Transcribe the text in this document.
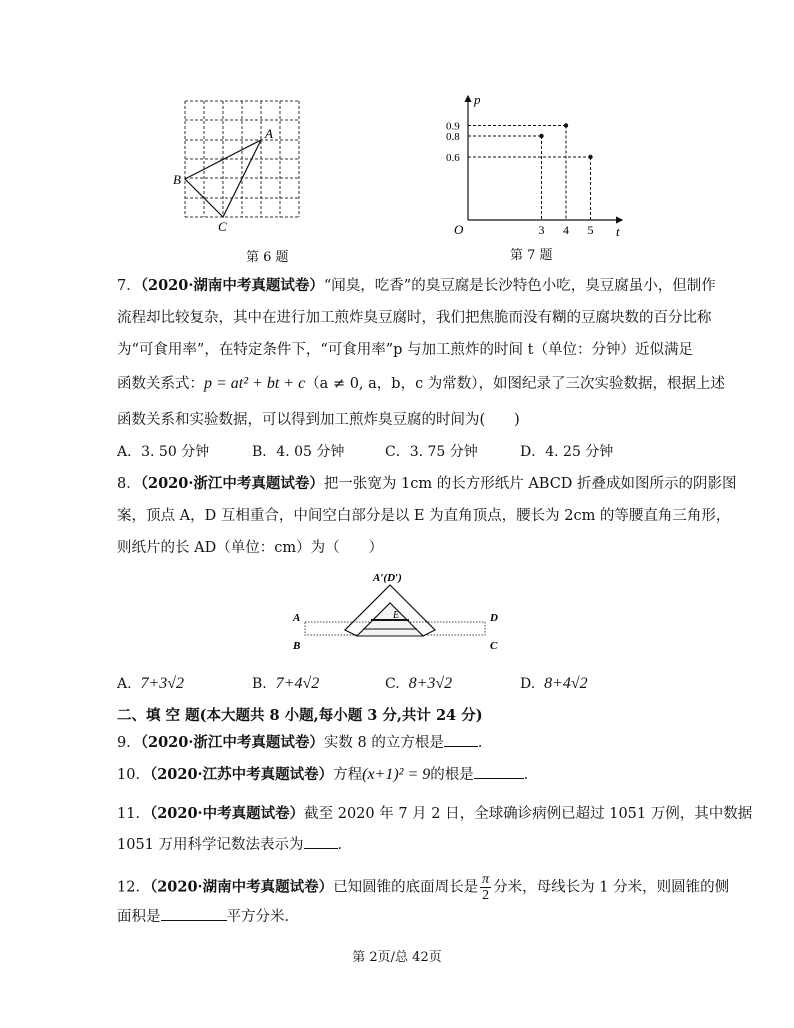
A
B
C
第 6 题
p
t
O	3 4 5
0.9
0.8
0.6
第 7 题
7．（2020·湖南中考真题试卷）“闻臭，吃香”的臭豆腐是长沙特色小吃，臭豆腐虽小，但制作
流程却比较复杂，其中在进行加工煎炸臭豆腐时，我们把焦脆而没有糊的豆腐块数的百分比称
为“可食用率”，在特定条件下，“可食用率”p 与加工煎炸的时间 t（单位：分钟）近似满足
函数关系式：p = at² + bt + c（a ≠ 0, a，b，c 为常数），如图纪录了三次实验数据，根据上述
函数关系和实验数据，可以得到加工煎炸臭豆腐的时间为(　　)
A．3. 50 分钟	B．4. 05 分钟	C．3. 75 分钟	D．4. 25 分钟
8．（2020·浙江中考真题试卷）把一张宽为 1cm 的长方形纸片 ABCD 折叠成如图所示的阴影图
案，顶点 A，D 互相重合，中间空白部分是以 E 为直角顶点，腰长为 2cm 的等腰直角三角形，
则纸片的长 AD（单位：cm）为（　　）
A′(D′)
E
A
B	C
D
A. 7+3√2	B. 7+4√2	C. 8+3√2	D. 8+4√2
二、填 空 题(本大题共 8 小题,每小题 3 分,共计 24 分)
9．（2020·浙江中考真题试卷）实数 8 的立方根是 ．
10．（2020·江苏中考真题试卷）方程(x+1)² = 9的根是	．
11．（2020·中考真题试卷）截至 2020 年 7 月 2 日，全球确诊病例已超过 1051 万例，其中数据
1051 万用科学记数法表示为 ．
12．（2020·湖南中考真题试卷）已知圆锥的底面周长是 $\frac{\pi}{2}$ 分米，母线长为 1 分米，则圆锥的侧
面积是	平方分米．
第 2页/总 42页
